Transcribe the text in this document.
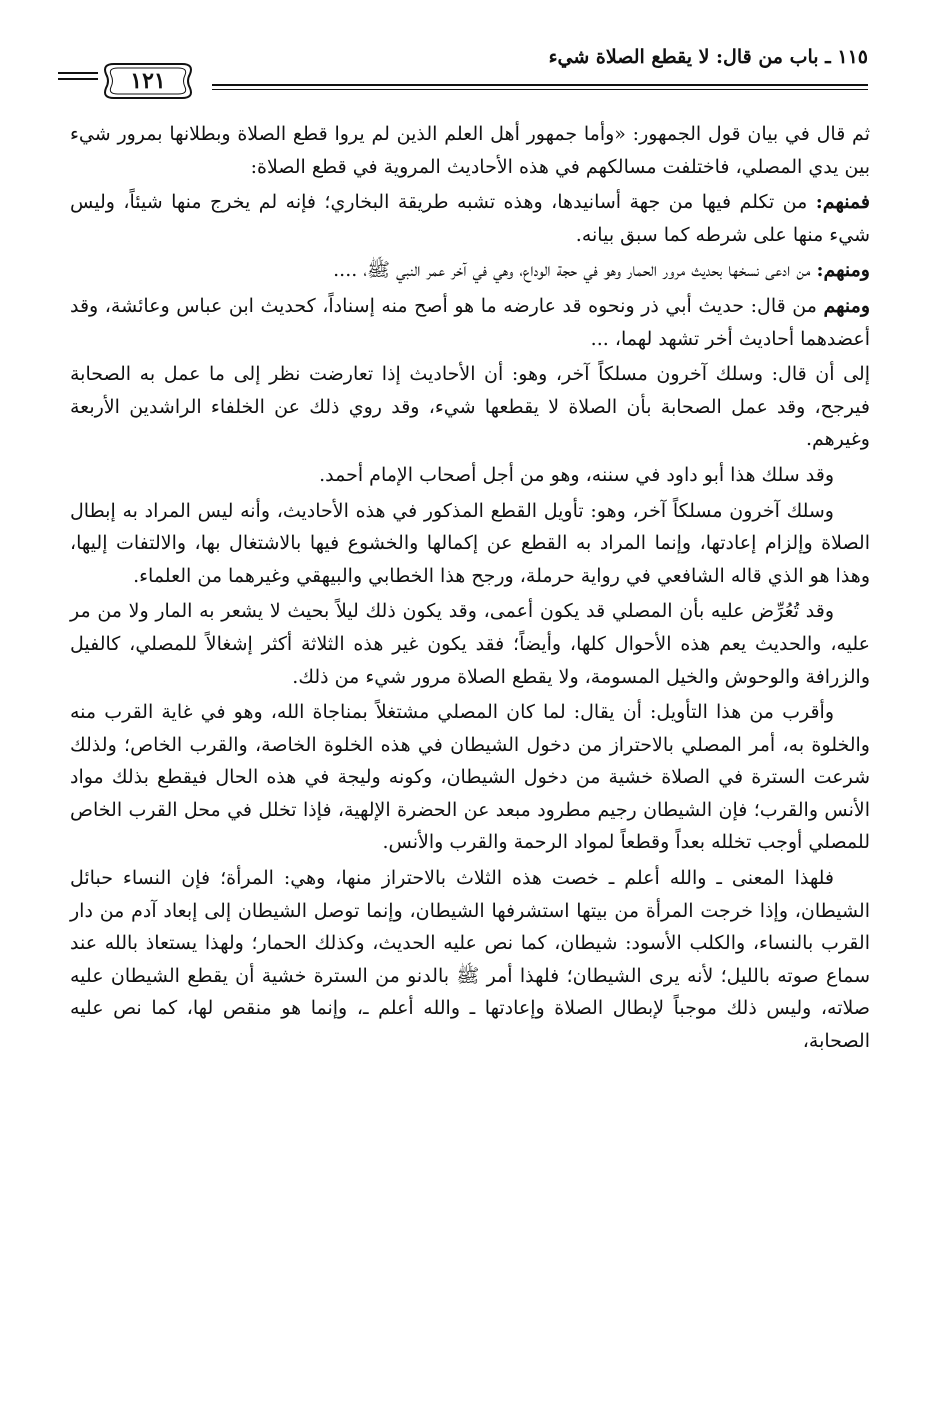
١١٥ ـ باب من قال: لا يقطع الصلاة شيء
١٢١

ثم قال في بيان قول الجمهور: «وأما جمهور أهل العلم الذين لم يروا قطع الصلاة وبطلانها بمرور شيء بين يدي المصلي، فاختلفت مسالكهم في هذه الأحاديث المروية في قطع الصلاة:

فمنهم: من تكلم فيها من جهة أسانيدها، وهذه تشبه طريقة البخاري؛ فإنه لم يخرج منها شيئاً، وليس شيء منها على شرطه كما سبق بيانه.

ومنهم: من ادعى نسخها بحديث مرور الحمار وهو في حجة الوداع، وهي في آخر عمر النبي ﷺ، ....

ومنهم من قال: حديث أبي ذر ونحوه قد عارضه ما هو أصح منه إسناداً، كحديث ابن عباس وعائشة، وقد أعضدهما أحاديث أخر تشهد لهما، ...

إلى أن قال: وسلك آخرون مسلكاً آخر، وهو: أن الأحاديث إذا تعارضت نظر إلى ما عمل به الصحابة فيرجح، وقد عمل الصحابة بأن الصلاة لا يقطعها شيء، وقد روي ذلك عن الخلفاء الراشدين الأربعة وغيرهم.

وقد سلك هذا أبو داود في سننه، وهو من أجل أصحاب الإمام أحمد.

وسلك آخرون مسلكاً آخر، وهو: تأويل القطع المذكور في هذه الأحاديث، وأنه ليس المراد به إبطال الصلاة وإلزام إعادتها، وإنما المراد به القطع عن إكمالها والخشوع فيها بالاشتغال بها، والالتفات إليها، وهذا هو الذي قاله الشافعي في رواية حرملة، ورجح هذا الخطابي والبيهقي وغيرهما من العلماء.

وقد تُعُرِّض عليه بأن المصلي قد يكون أعمى، وقد يكون ذلك ليلاً بحيث لا يشعر به المار ولا من مر عليه، والحديث يعم هذه الأحوال كلها، وأيضاً؛ فقد يكون غير هذه الثلاثة أكثر إشغالاً للمصلي، كالفيل والزرافة والوحوش والخيل المسومة، ولا يقطع الصلاة مرور شيء من ذلك.

وأقرب من هذا التأويل: أن يقال: لما كان المصلي مشتغلاً بمناجاة الله، وهو في غاية القرب منه والخلوة به، أمر المصلي بالاحتراز من دخول الشيطان في هذه الخلوة الخاصة، والقرب الخاص؛ ولذلك شرعت السترة في الصلاة خشية من دخول الشيطان، وكونه وليجة في هذه الحال فيقطع بذلك مواد الأنس والقرب؛ فإن الشيطان رجيم مطرود مبعد عن الحضرة الإلهية، فإذا تخلل في محل القرب الخاص للمصلي أوجب تخلله بعداً وقطعاً لمواد الرحمة والقرب والأنس.

فلهذا المعنى ـ والله أعلم ـ خصت هذه الثلاث بالاحتراز منها، وهي: المرأة؛ فإن النساء حبائل الشيطان، وإذا خرجت المرأة من بيتها استشرفها الشيطان، وإنما توصل الشيطان إلى إبعاد آدم من دار القرب بالنساء، والكلب الأسود: شيطان، كما نص عليه الحديث، وكذلك الحمار؛ ولهذا يستعاذ بالله عند سماع صوته بالليل؛ لأنه يرى الشيطان؛ فلهذا أمر ﷺ بالدنو من السترة خشية أن يقطع الشيطان عليه صلاته، وليس ذلك موجباً لإبطال الصلاة وإعادتها ـ والله أعلم ـ، وإنما هو منقص لها، كما نص عليه الصحابة،
